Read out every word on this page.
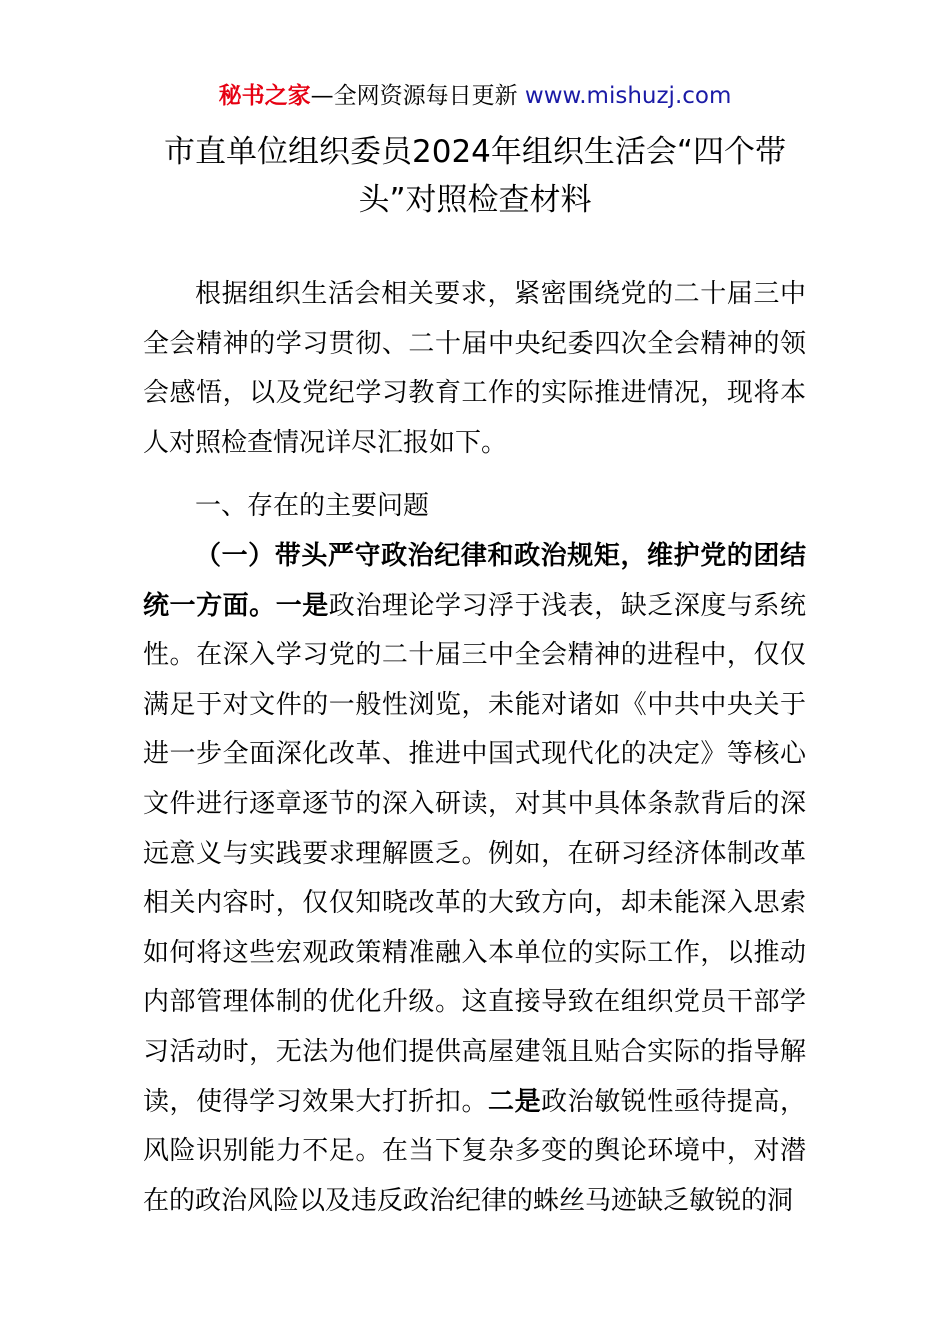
秘书之家—全网资源每日更新 www.mishuzj.com
市直单位组织委员2024年组织生活会“四个带头”对照检查材料

根据组织生活会相关要求，紧密围绕党的二十届三中全会精神的学习贯彻、二十届中央纪委四次全会精神的领会感悟，以及党纪学习教育工作的实际推进情况，现将本人对照检查情况详尽汇报如下。

一、存在的主要问题

（一）带头严守政治纪律和政治规矩，维护党的团结统一方面。一是政治理论学习浮于浅表，缺乏深度与系统性。在深入学习党的二十届三中全会精神的进程中，仅仅满足于对文件的一般性浏览，未能对诸如《中共中央关于进一步全面深化改革、推进中国式现代化的决定》等核心文件进行逐章逐节的深入研读，对其中具体条款背后的深远意义与实践要求理解匮乏。例如，在研习经济体制改革相关内容时，仅仅知晓改革的大致方向，却未能深入思索如何将这些宏观政策精准融入本单位的实际工作，以推动内部管理体制的优化升级。这直接导致在组织党员干部学习活动时，无法为他们提供高屋建瓴且贴合实际的指导解读，使得学习效果大打折扣。二是政治敏锐性亟待提高，风险识别能力不足。在当下复杂多变的舆论环境中，对潜在的政治风险以及违反政治纪律的蛛丝马迹缺乏敏锐的洞
